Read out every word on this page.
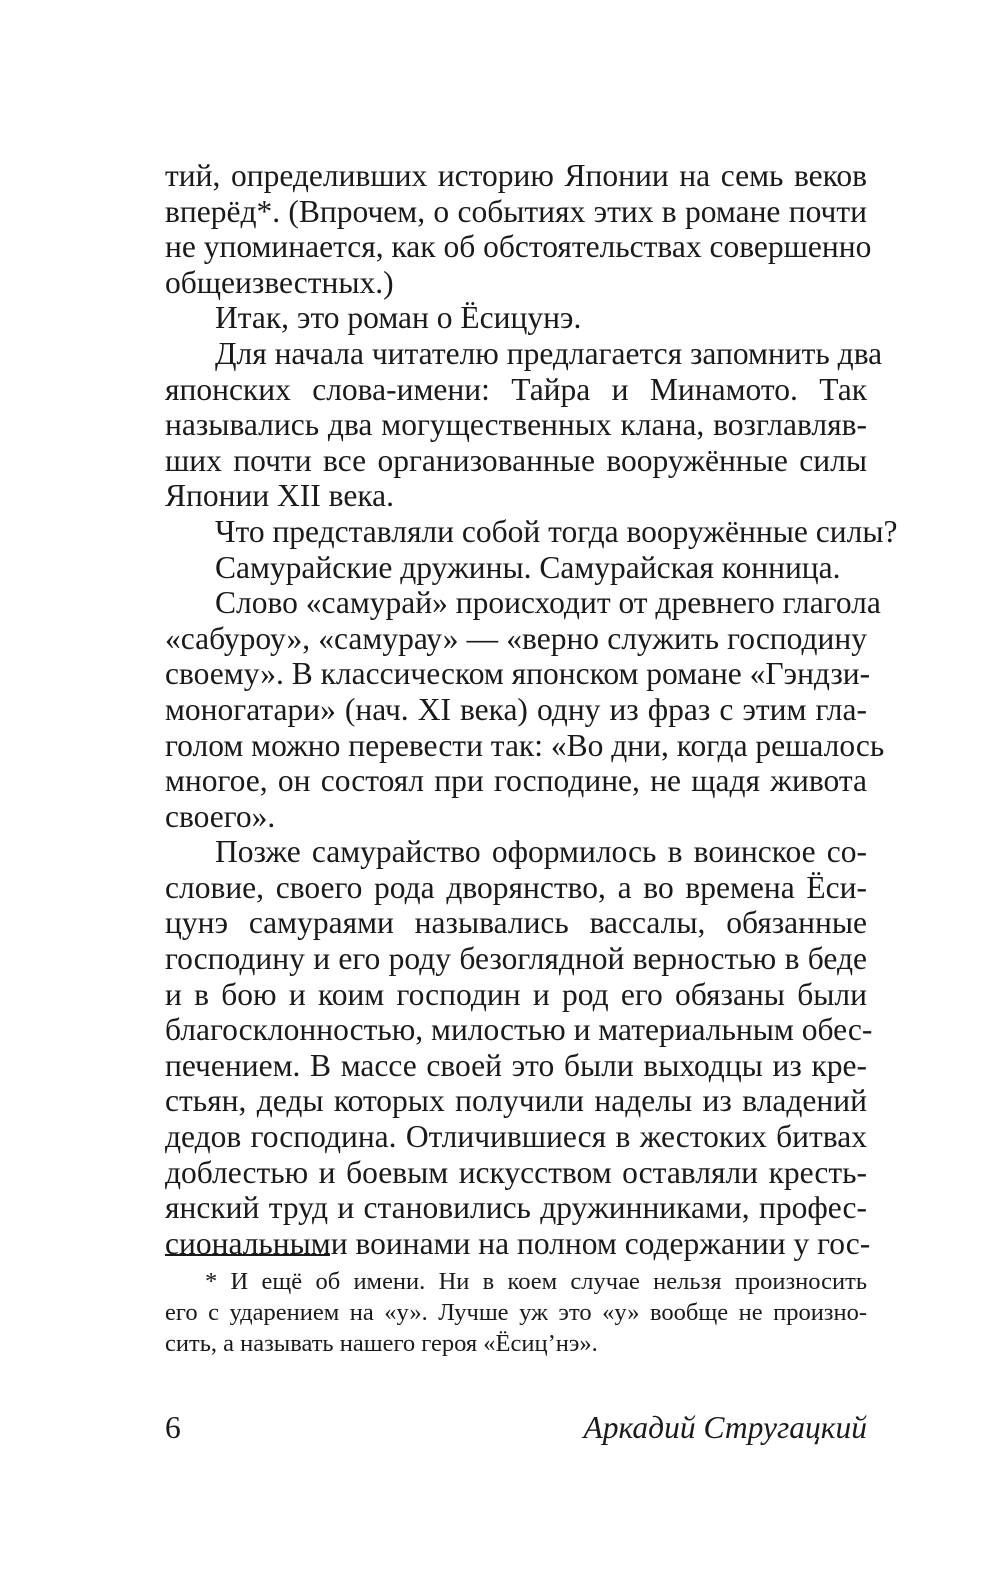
тий, определивших историю Японии на семь веков
вперёд*. (Впрочем, о событиях этих в романе почти
не упоминается, как об обстоятельствах совершенно
общеизвестных.)
Итак, это роман о Ёсицунэ.
Для начала читателю предлагается запомнить два
японских слова-имени: Тайра и Минамото. Так
назывались два могущественных клана, возглавляв-
ших почти все организованные вооружённые силы
Японии XII века.
Что представляли собой тогда вооружённые силы?
Самурайские дружины. Самурайская конница.
Слово «самурай» происходит от древнего глагола
«сабуроу», «самурау» — «верно служить господину
своему». В классическом японском романе «Гэндзи-
моногатари» (нач. XI века) одну из фраз с этим гла-
голом можно перевести так: «Во дни, когда решалось
многое, он состоял при господине, не щадя живота
своего».
Позже самурайство оформилось в воинское со-
словие, своего рода дворянство, а во времена Ёси-
цунэ самураями назывались вассалы, обязанные
господину и его роду безоглядной верностью в беде
и в бою и коим господин и род его обязаны были
благосклонностью, милостью и материальным обес-
печением. В массе своей это были выходцы из кре-
стьян, деды которых получили наделы из владений
дедов господина. Отличившиеся в жестоких битвах
доблестью и боевым искусством оставляли кресть-
янский труд и становились дружинниками, профес-
сиональными воинами на полном содержании у гос-
* И ещё об имени. Ни в коем случае нельзя произносить
его с ударением на «у». Лучше уж это «у» вообще не произно-
сить, а называть нашего героя «Ёсиц’нэ».
6	Аркадий Стругацкий
